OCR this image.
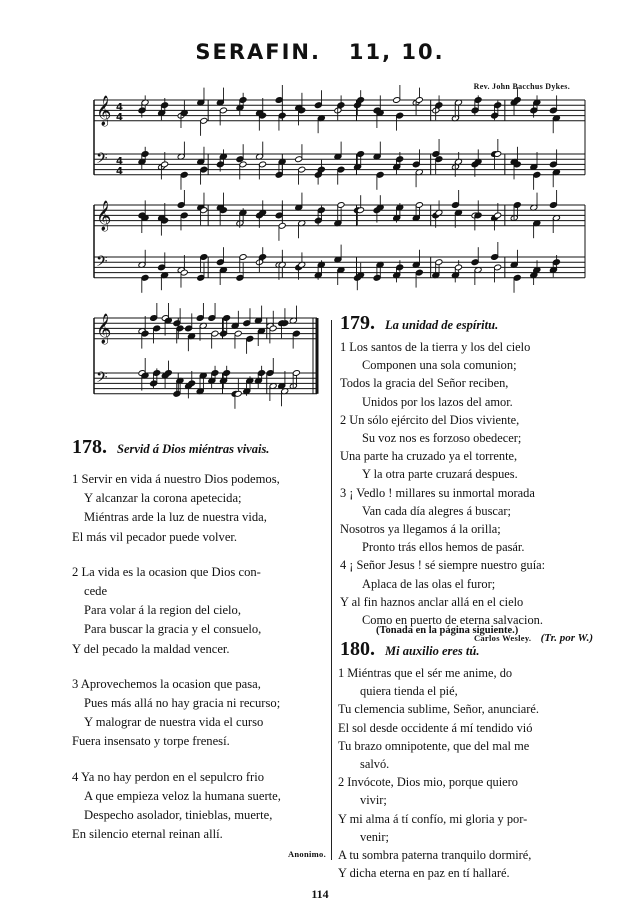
SERAFIN. 11, 10.
Rev. John Bacchus Dykes.
𝄞 4
4
𝄢 4
4
𝄞
𝄢
𝄞
𝄢
178. Servid á Dios miéntras vivais.
1 Servir en vida á nuestro Dios podemos,
Y alcanzar la corona apetecida;
Miéntras arde la luz de nuestra vida,
El más vil pecador puede volver.
2 La vida es la ocasion que Dios con-
cede
Para volar á la region del cielo,
Para buscar la gracia y el consuelo,
Y del pecado la maldad vencer.
3 Aprovechemos la ocasion que pasa,
Pues más allá no hay gracia ni recurso;
Y malograr de nuestra vida el curso
Fuera insensato y torpe frenesí.
4 Ya no hay perdon en el sepulcro frio
A que empieza veloz la humana suerte,
Despecho asolador, tinieblas, muerte,
En silencio eternal reinan allí.
Anonimo.
179. La unidad de espíritu.
1 Los santos de la tierra y los del cielo
Componen una sola comunion;
Todos la gracia del Señor reciben,
Unidos por los lazos del amor.
2 Un sólo ejército del Dios viviente,
Su voz nos es forzoso obedecer;
Una parte ha cruzado ya el torrente,
Y la otra parte cruzará despues.
3 ¡ Vedlo ! millares su inmortal morada
Van cada día alegres á buscar;
Nosotros ya llegamos á la orilla;
Pronto trás ellos hemos de pasár.
4 ¡ Señor Jesus ! sé siempre nuestro guía:
Aplaca de las olas el furor;
Y al fin haznos anclar allá en el cielo
Como en puerto de eterna salvacion.
Carlos Wesley. (Tr. por W.)
(Tonada en la página siguiente.)
180. Mi auxilio eres tú.
1 Miéntras que el sér me anime, do
quiera tienda el pié,
Tu clemencia sublime, Señor, anunciaré.
El sol desde occidente á mí tendido vió
Tu brazo omnipotente, que del mal me
salvó.
2 Invócote, Dios mio, porque quiero
vivir;
Y mi alma á tí confío, mi gloria y por-
venir;
A tu sombra paterna tranquilo dormiré,
Y dicha eterna en paz en tí hallaré.
114
